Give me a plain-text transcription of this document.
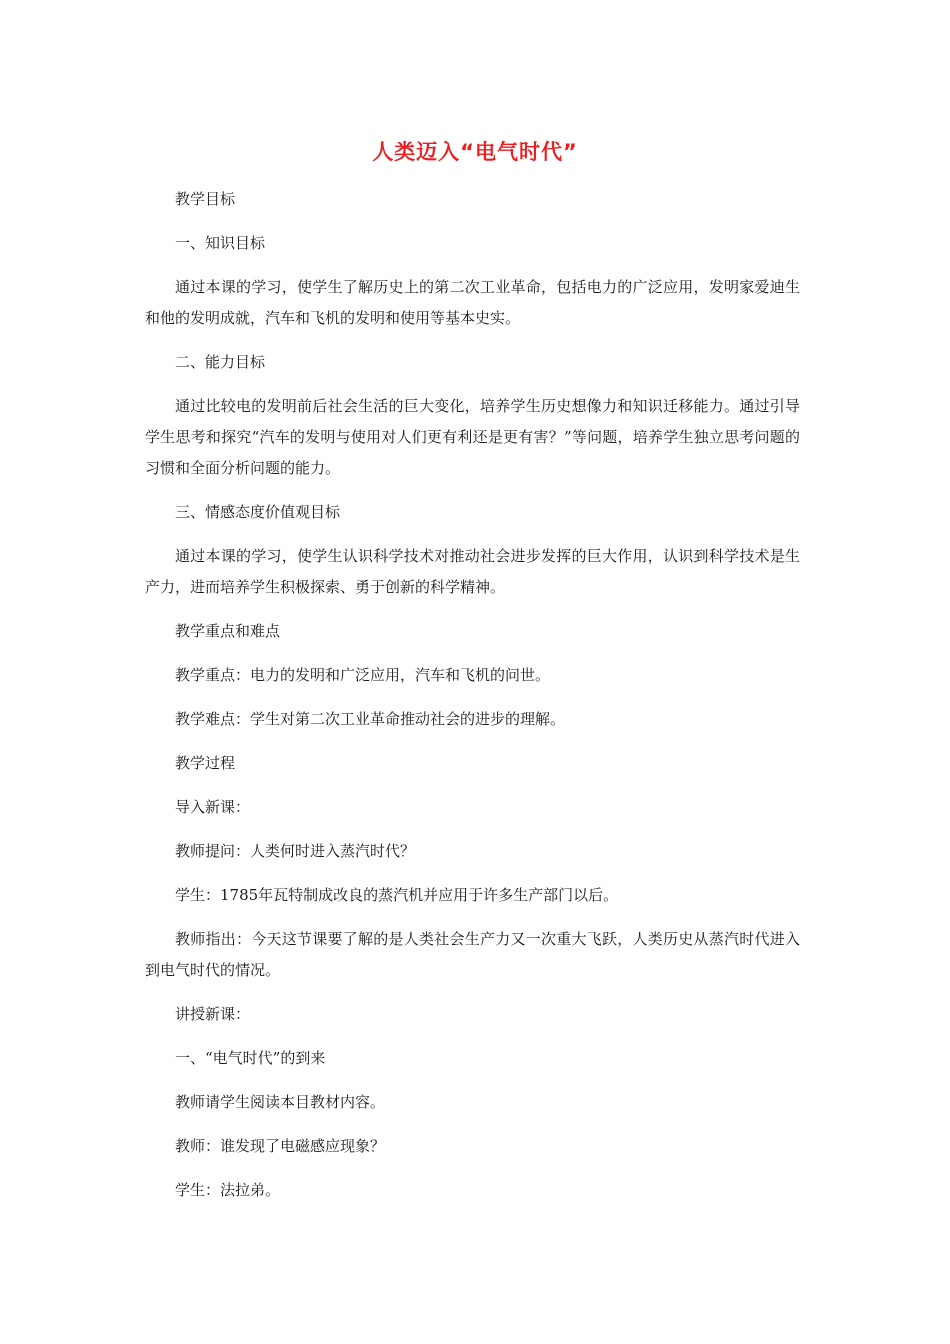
人类迈入“电气时代”

教学目标

一、知识目标

通过本课的学习，使学生了解历史上的第二次工业革命，包括电力的广泛应用，发明家爱迪生和他的发明成就，汽车和飞机的发明和使用等基本史实。

二、能力目标

通过比较电的发明前后社会生活的巨大变化，培养学生历史想像力和知识迁移能力。通过引导学生思考和探究“汽车的发明与使用对人们更有利还是更有害？”等问题，培养学生独立思考问题的习惯和全面分析问题的能力。

三、情感态度价值观目标

通过本课的学习，使学生认识科学技术对推动社会进步发挥的巨大作用，认识到科学技术是生产力，进而培养学生积极探索、勇于创新的科学精神。

教学重点和难点

教学重点：电力的发明和广泛应用，汽车和飞机的问世。

教学难点：学生对第二次工业革命推动社会的进步的理解。

教学过程

导入新课：

教师提问：人类何时进入蒸汽时代？

学生：1785年瓦特制成改良的蒸汽机并应用于许多生产部门以后。

教师指出：今天这节课要了解的是人类社会生产力又一次重大飞跃，人类历史从蒸汽时代进入到电气时代的情况。

讲授新课：

一、“电气时代”的到来

教师请学生阅读本目教材内容。

教师：谁发现了电磁感应现象？

学生：法拉弟。
